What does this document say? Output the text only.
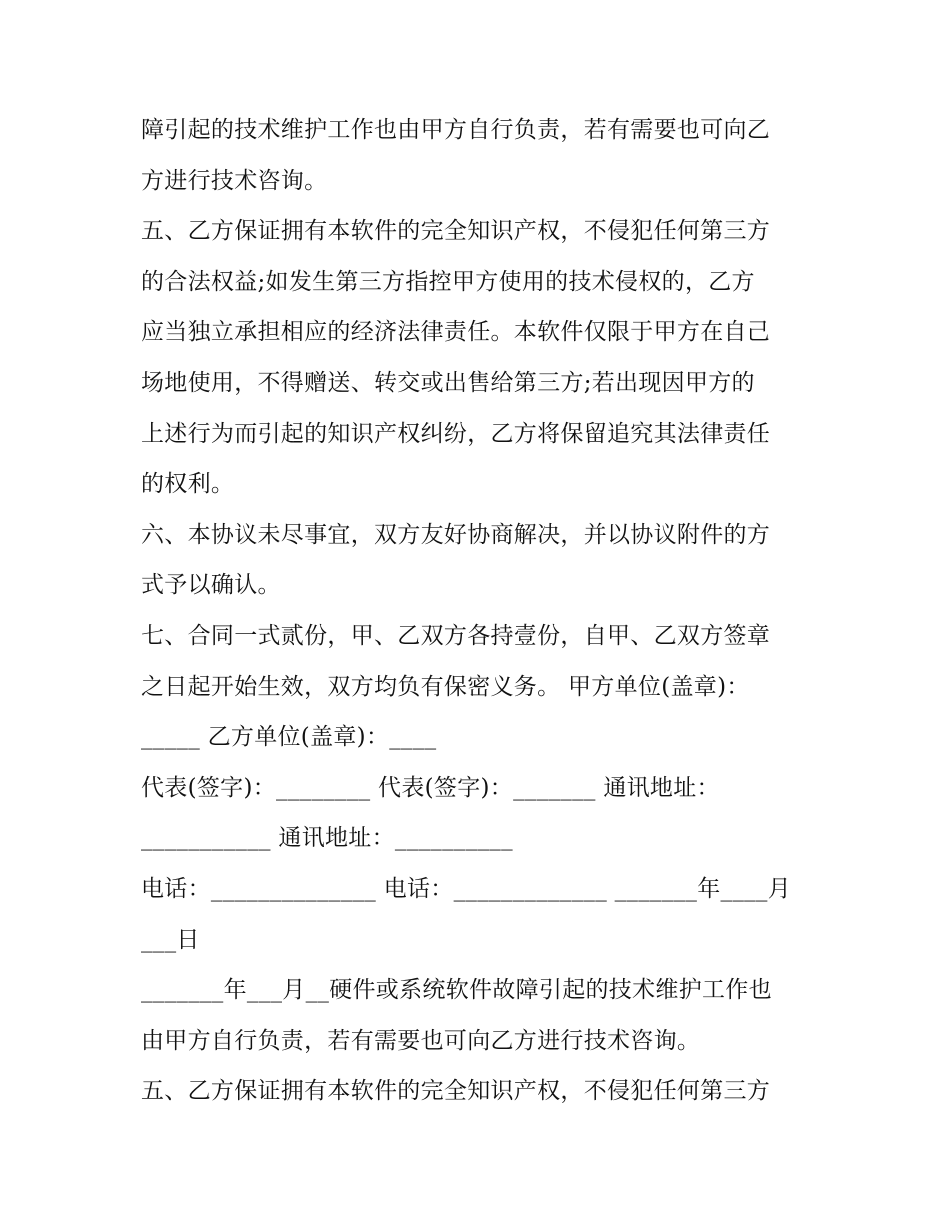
障引起的技术维护工作也由甲方自行负责，若有需要也可向乙
方进行技术咨询。
五、乙方保证拥有本软件的完全知识产权，不侵犯任何第三方
的合法权益;如发生第三方指控甲方使用的技术侵权的，乙方
应当独立承担相应的经济法律责任。本软件仅限于甲方在自己
场地使用，不得赠送、转交或出售给第三方;若出现因甲方的
上述行为而引起的知识产权纠纷，乙方将保留追究其法律责任
的权利。
六、本协议未尽事宜，双方友好协商解决，并以协议附件的方
式予以确认。
七、合同一式贰份，甲、乙双方各持壹份，自甲、乙双方签章
之日起开始生效，双方均负有保密义务。 甲方单位(盖章)：
_____ 乙方单位(盖章)：____
代表(签字)：________ 代表(签字)：_______ 通讯地址：
___________ 通讯地址：__________
电话：______________ 电话：_____________ _______年____月
___日
_______年___月__硬件或系统软件故障引起的技术维护工作也
由甲方自行负责，若有需要也可向乙方进行技术咨询。
五、乙方保证拥有本软件的完全知识产权，不侵犯任何第三方
